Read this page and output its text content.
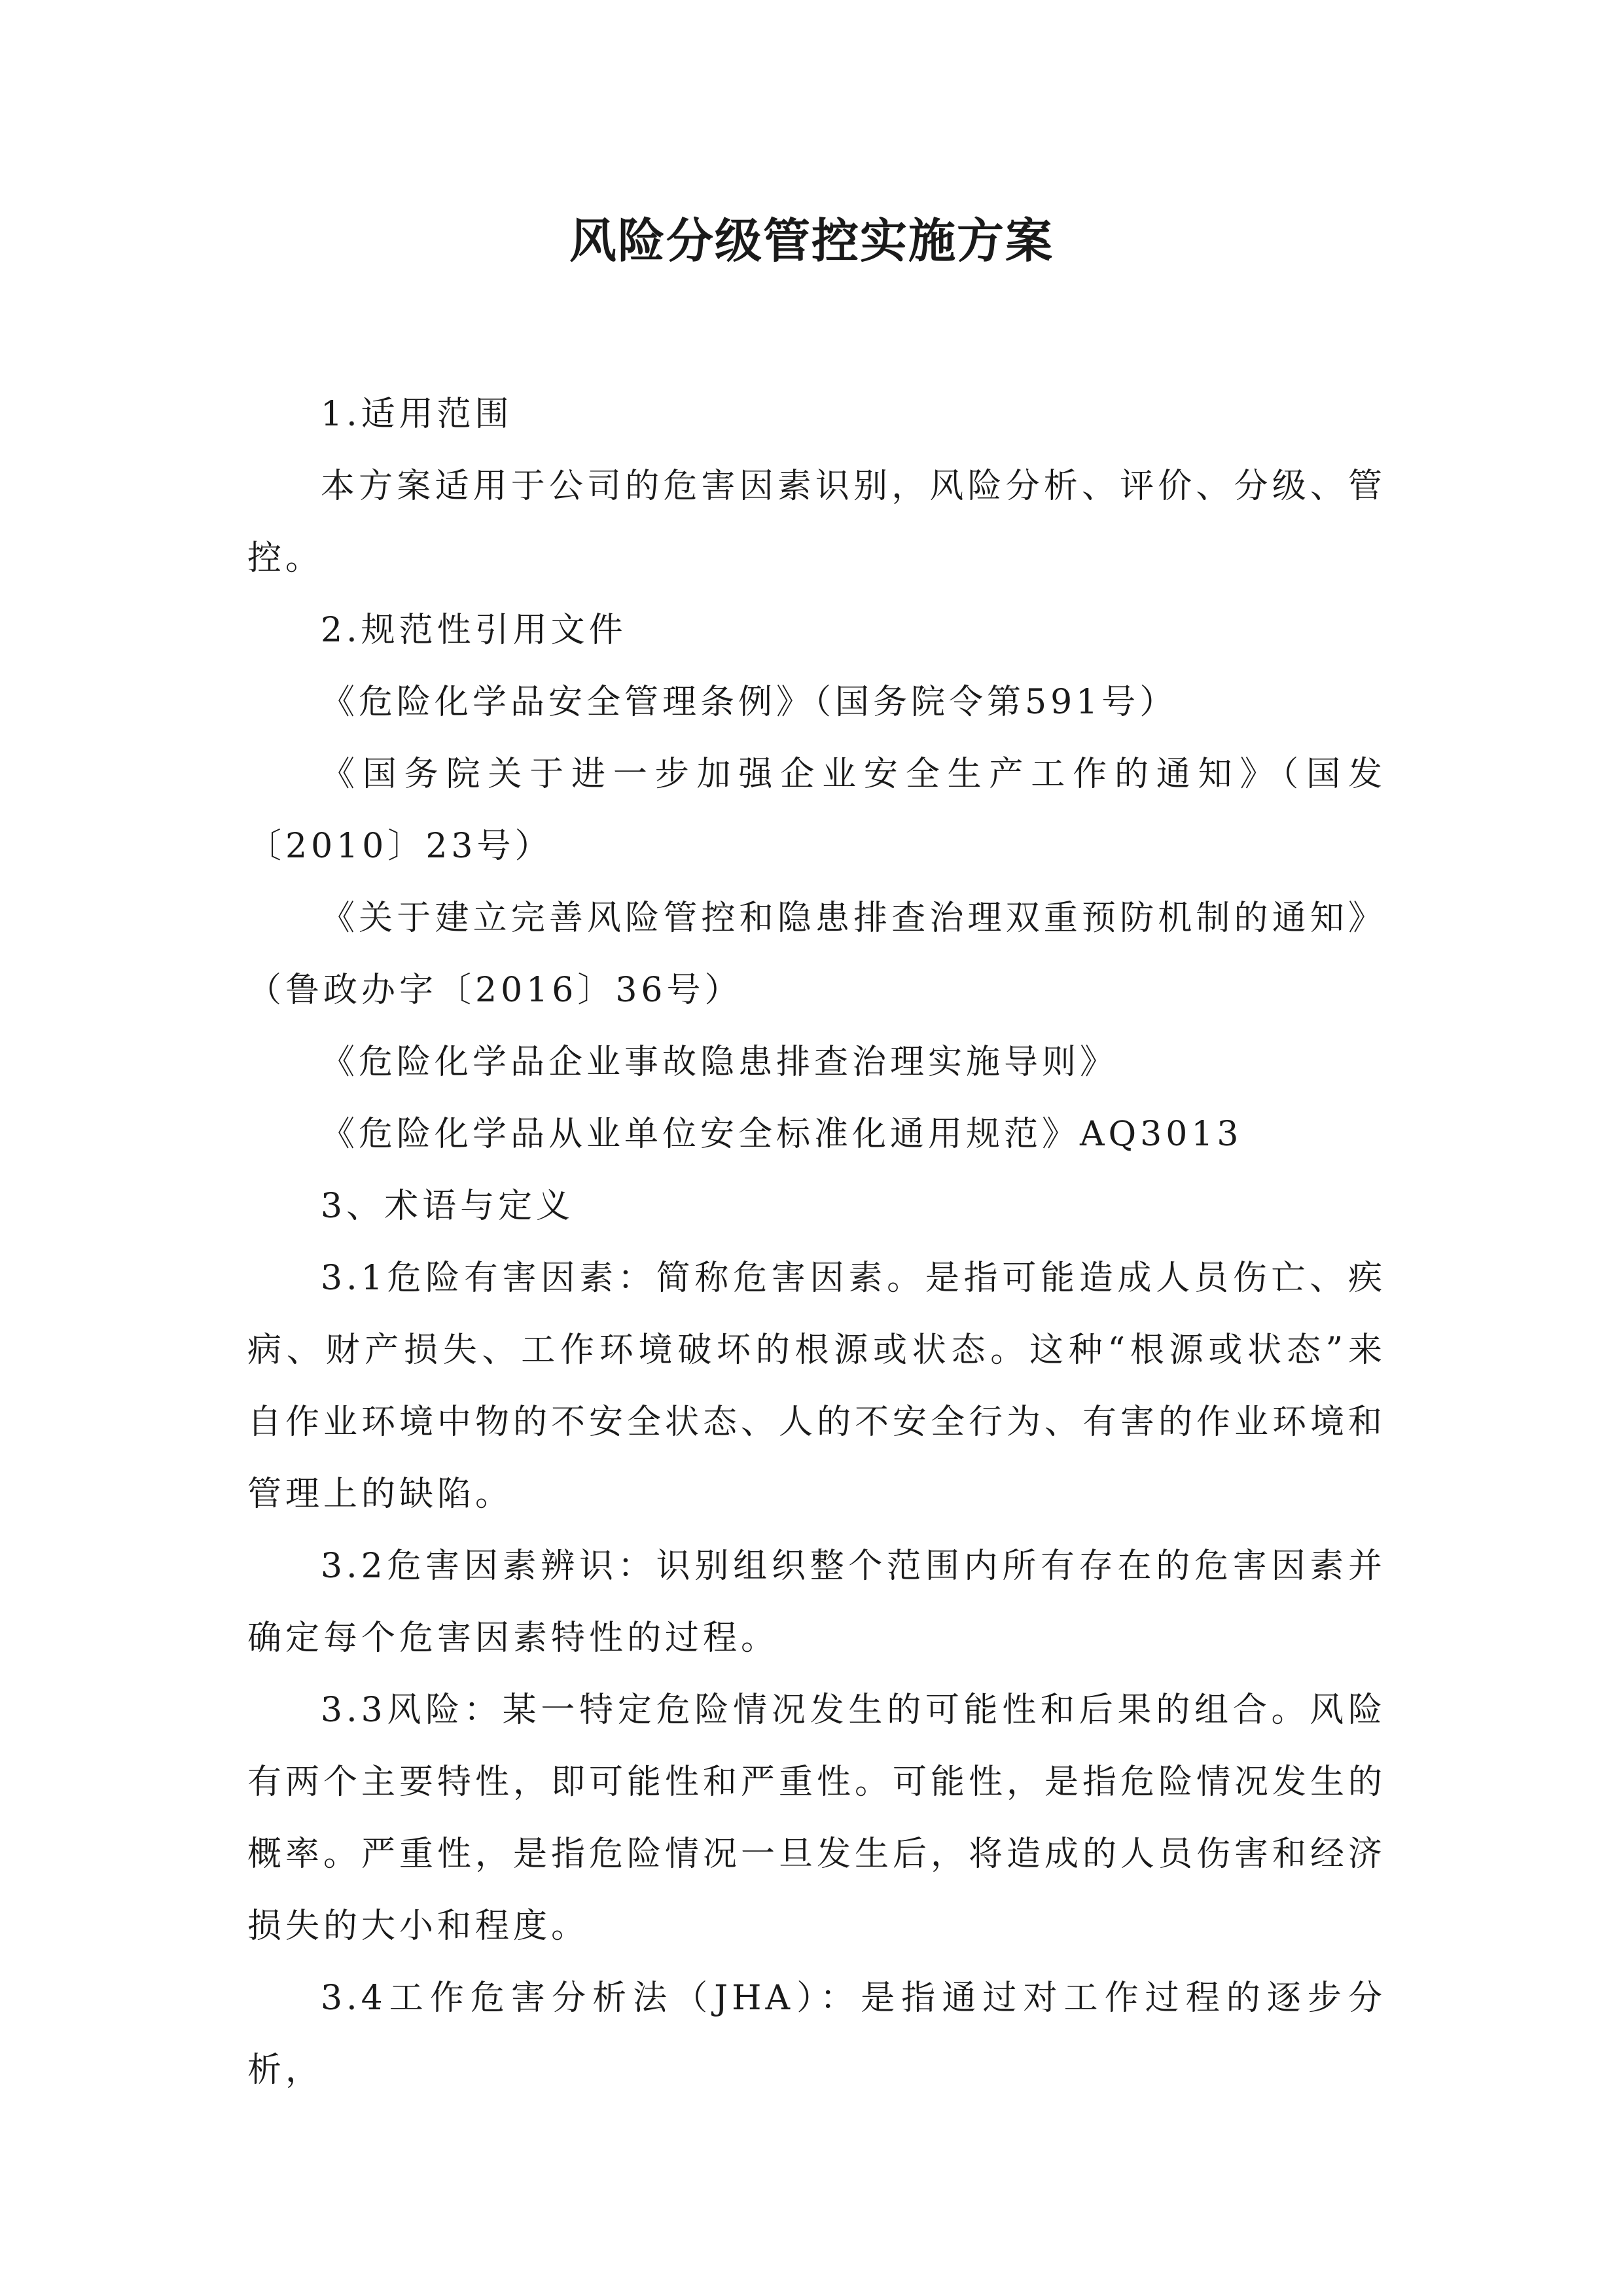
风险分级管控实施方案

1.适用范围

本方案适用于公司的危害因素识别，风险分析、评价、分级、管控。

2.规范性引用文件

《危险化学品安全管理条例》（国务院令第591号）

《国务院关于进一步加强企业安全生产工作的通知》（国发〔2010〕23号）

《关于建立完善风险管控和隐患排查治理双重预防机制的通知》（鲁政办字〔2016〕36号）

《危险化学品企业事故隐患排查治理实施导则》

《危险化学品从业单位安全标准化通用规范》AQ3013

3、术语与定义

3.1危险有害因素：简称危害因素。是指可能造成人员伤亡、疾病、财产损失、工作环境破坏的根源或状态。这种“根源或状态”来自作业环境中物的不安全状态、人的不安全行为、有害的作业环境和管理上的缺陷。

3.2危害因素辨识：识别组织整个范围内所有存在的危害因素并确定每个危害因素特性的过程。

3.3风险：某一特定危险情况发生的可能性和后果的组合。风险有两个主要特性，即可能性和严重性。可能性，是指危险情况发生的概率。严重性，是指危险情况一旦发生后，将造成的人员伤害和经济损失的大小和程度。

3.4工作危害分析法（JHA）：是指通过对工作过程的逐步分析，
